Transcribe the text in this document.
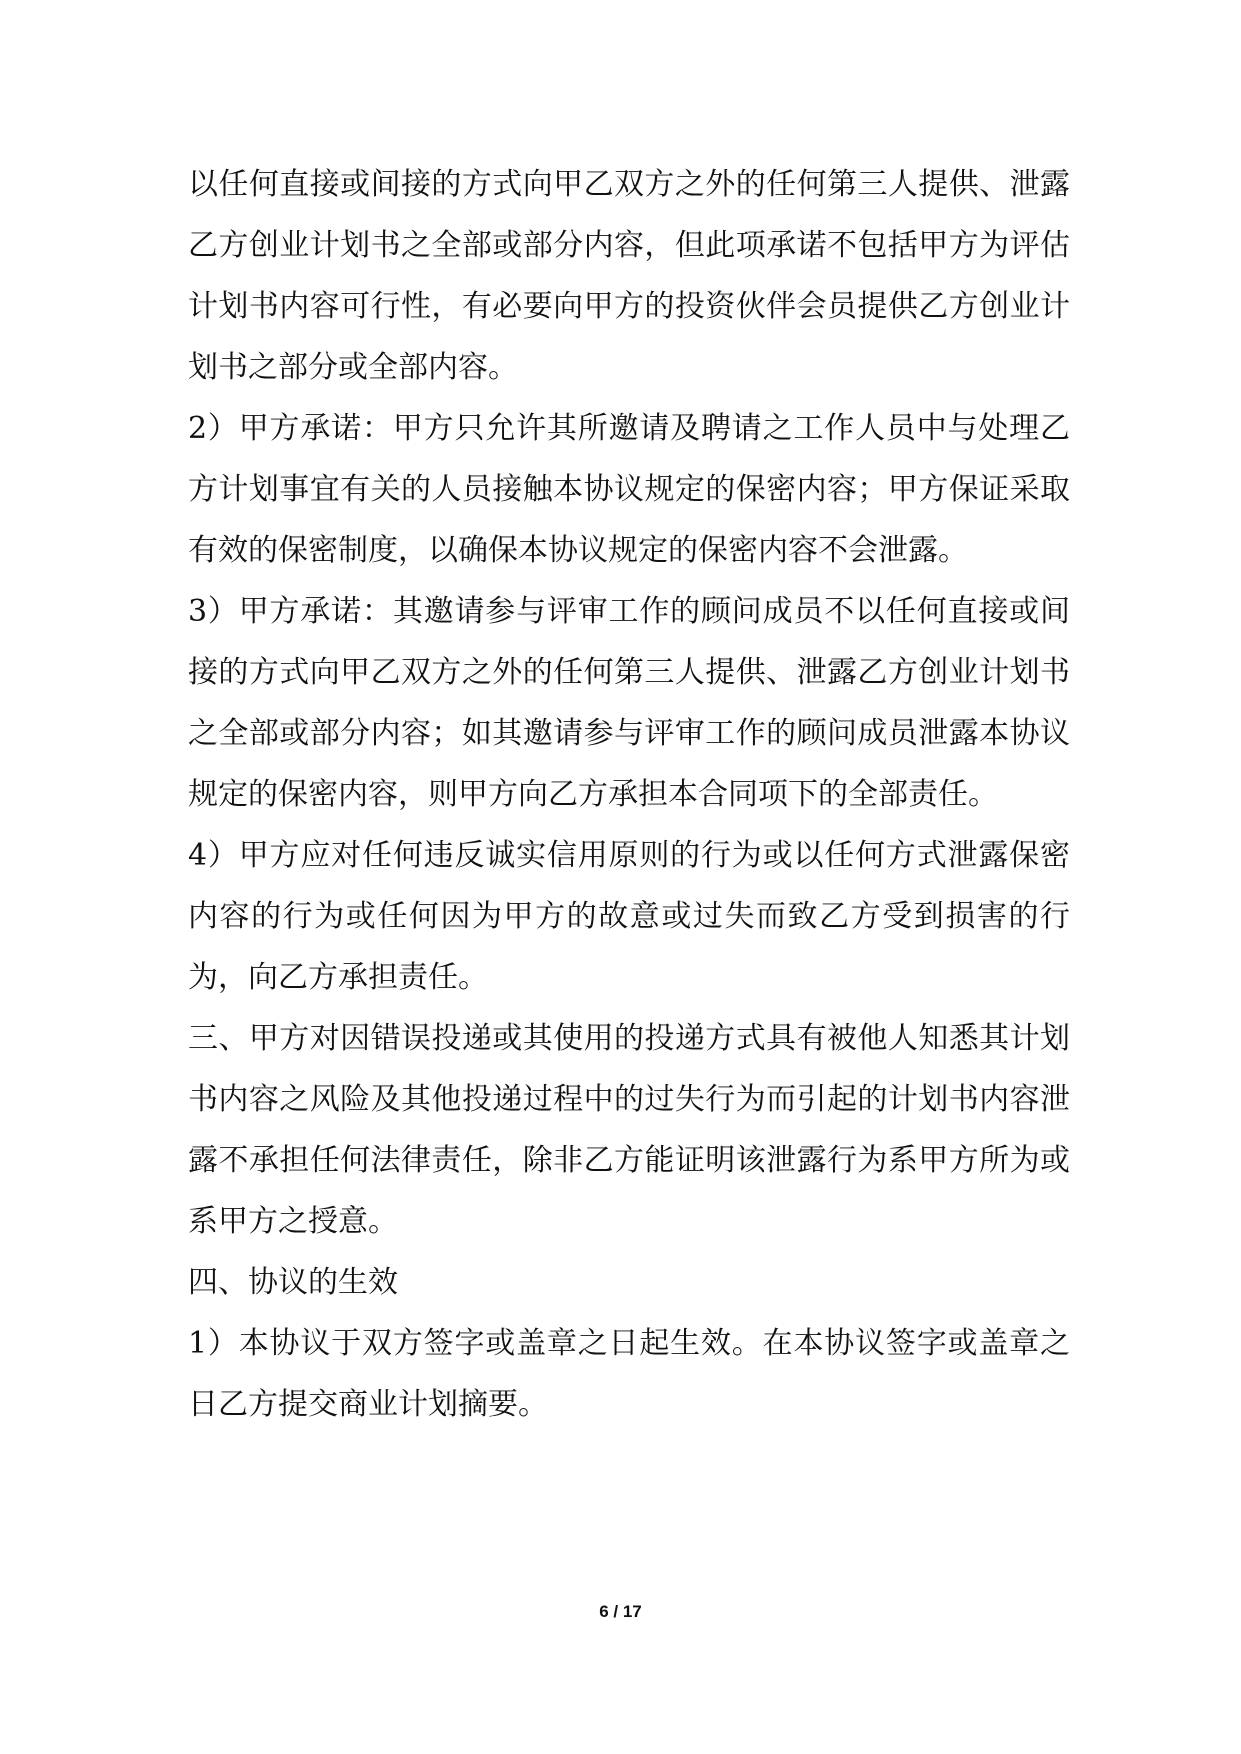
以任何直接或间接的方式向甲乙双方之外的任何第三人提供、泄露乙方创业计划书之全部或部分内容，但此项承诺不包括甲方为评估计划书内容可行性，有必要向甲方的投资伙伴会员提供乙方创业计划书之部分或全部内容。

2）甲方承诺：甲方只允许其所邀请及聘请之工作人员中与处理乙方计划事宜有关的人员接触本协议规定的保密内容；甲方保证采取有效的保密制度，以确保本协议规定的保密内容不会泄露。

3）甲方承诺：其邀请参与评审工作的顾问成员不以任何直接或间接的方式向甲乙双方之外的任何第三人提供、泄露乙方创业计划书之全部或部分内容；如其邀请参与评审工作的顾问成员泄露本协议规定的保密内容，则甲方向乙方承担本合同项下的全部责任。

4）甲方应对任何违反诚实信用原则的行为或以任何方式泄露保密内容的行为或任何因为甲方的故意或过失而致乙方受到损害的行为，向乙方承担责任。

三、甲方对因错误投递或其使用的投递方式具有被他人知悉其计划书内容之风险及其他投递过程中的过失行为而引起的计划书内容泄露不承担任何法律责任，除非乙方能证明该泄露行为系甲方所为或系甲方之授意。

四、协议的生效

1）本协议于双方签字或盖章之日起生效。在本协议签字或盖章之日乙方提交商业计划摘要。

6 / 17
